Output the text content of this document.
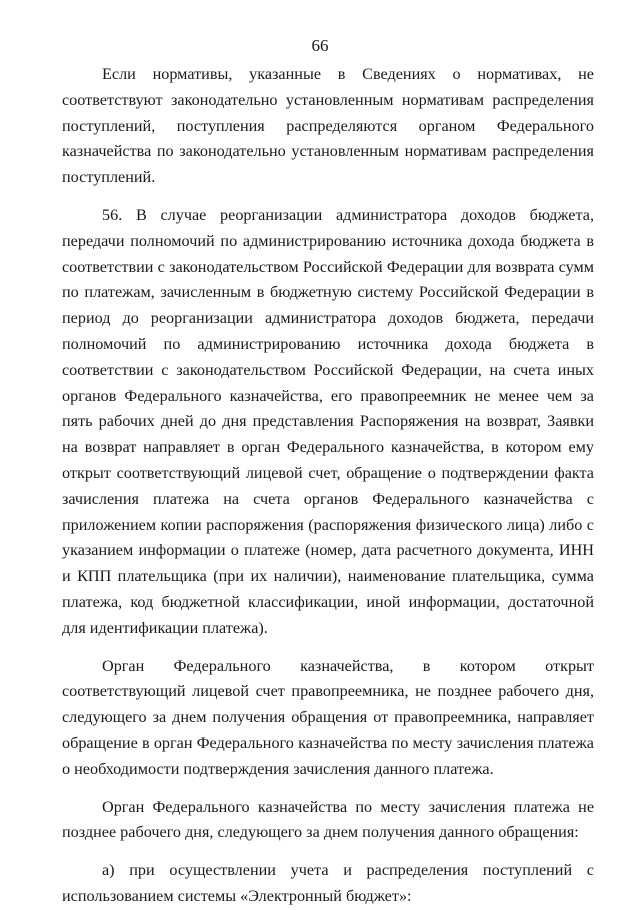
66

Если нормативы, указанные в Сведениях о нормативах, не соответствуют законодательно установленным нормативам распределения поступлений, поступления распределяются органом Федерального казначейства по законодательно установленным нормативам распределения поступлений.

56. В случае реорганизации администратора доходов бюджета, передачи полномочий по администрированию источника дохода бюджета в соответствии с законодательством Российской Федерации для возврата сумм по платежам, зачисленным в бюджетную систему Российской Федерации в период до реорганизации администратора доходов бюджета, передачи полномочий по администрированию источника дохода бюджета в соответствии с законодательством Российской Федерации, на счета иных органов Федерального казначейства, его правопреемник не менее чем за пять рабочих дней до дня представления Распоряжения на возврат, Заявки на возврат направляет в орган Федерального казначейства, в котором ему открыт соответствующий лицевой счет, обращение о подтверждении факта зачисления платежа на счета органов Федерального казначейства с приложением копии распоряжения (распоряжения физического лица) либо с указанием информации о платеже (номер, дата расчетного документа, ИНН и КПП плательщика (при их наличии), наименование плательщика, сумма платежа, код бюджетной классификации, иной информации, достаточной для идентификации платежа).

Орган Федерального казначейства, в котором открыт соответствующий лицевой счет правопреемника, не позднее рабочего дня, следующего за днем получения обращения от правопреемника, направляет обращение в орган Федерального казначейства по месту зачисления платежа о необходимости подтверждения зачисления данного платежа.

Орган Федерального казначейства по месту зачисления платежа не позднее рабочего дня, следующего за днем получения данного обращения:

а) при осуществлении учета и распределения поступлений с использованием системы «Электронный бюджет»:
